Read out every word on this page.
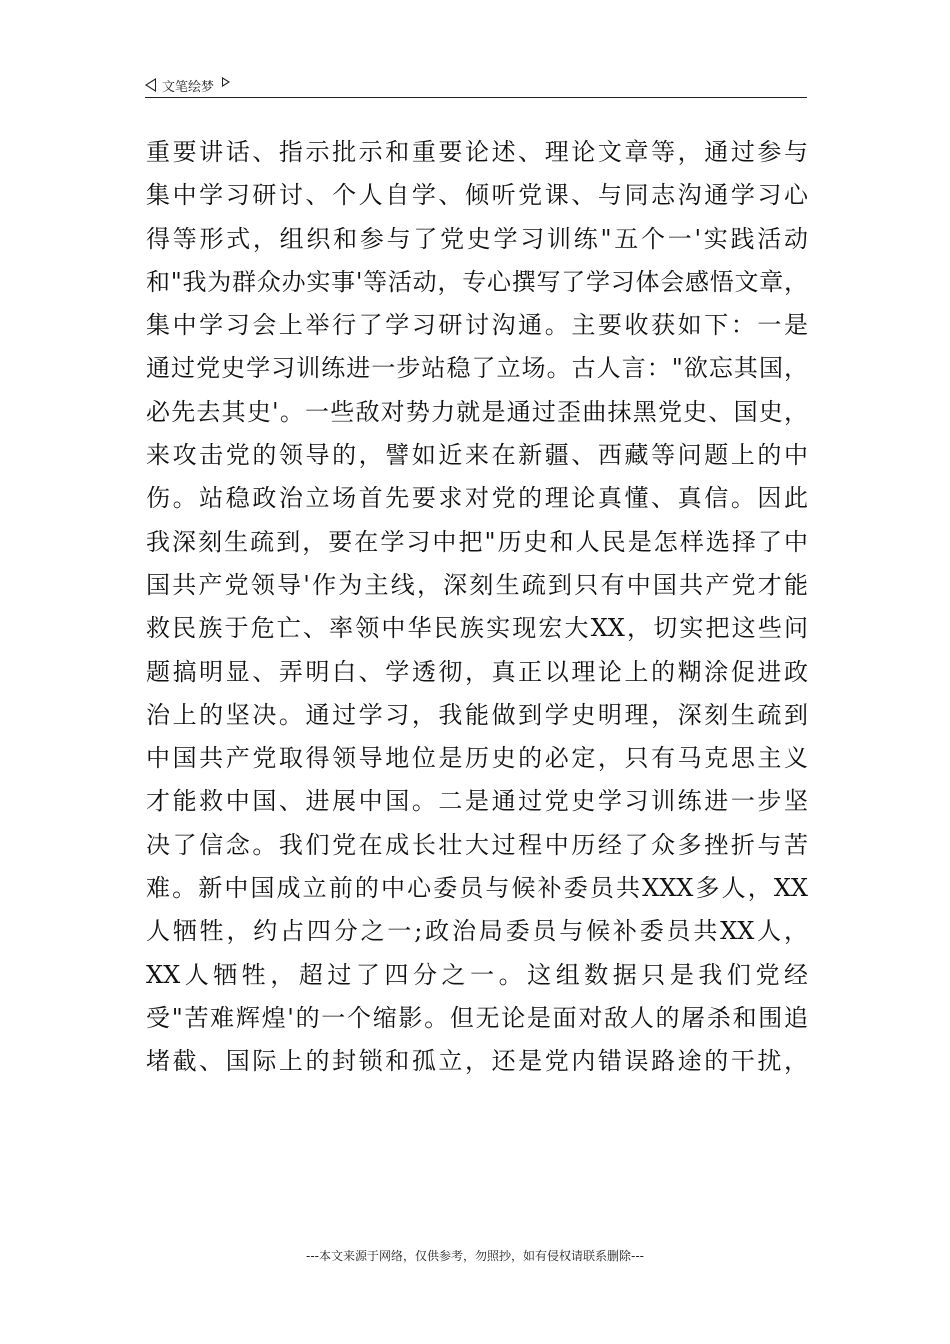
文笔绘梦
重要讲话、指示批示和重要论述、理论文章等，通过参与
集中学习研讨、个人自学、倾听党课、与同志沟通学习心
得等形式，组织和参与了党史学习训练"五个一'实践活动
和"我为群众办实事'等活动，专心撰写了学习体会感悟文章，
集中学习会上举行了学习研讨沟通。主要收获如下：一是
通过党史学习训练进一步站稳了立场。古人言："欲忘其国，
必先去其史'。一些敌对势力就是通过歪曲抹黑党史、国史，
来攻击党的领导的，譬如近来在新疆、西藏等问题上的中
伤。站稳政治立场首先要求对党的理论真懂、真信。因此
我深刻生疏到，要在学习中把"历史和人民是怎样选择了中
国共产党领导'作为主线，深刻生疏到只有中国共产党才能
救民族于危亡、率领中华民族实现宏大XX，切实把这些问
题搞明显、弄明白、学透彻，真正以理论上的糊涂促进政
治上的坚决。通过学习，我能做到学史明理，深刻生疏到
中国共产党取得领导地位是历史的必定，只有马克思主义
才能救中国、进展中国。二是通过党史学习训练进一步坚
决了信念。我们党在成长壮大过程中历经了众多挫折与苦
难。新中国成立前的中心委员与候补委员共XXX多人，XX
人牺牲，约占四分之一;政治局委员与候补委员共XX人，
XX人牺牲，超过了四分之一。这组数据只是我们党经
受"苦难辉煌'的一个缩影。但无论是面对敌人的屠杀和围追
堵截、国际上的封锁和孤立，还是党内错误路途的干扰，
---本文来源于网络，仅供参考，勿照抄，如有侵权请联系删除---
